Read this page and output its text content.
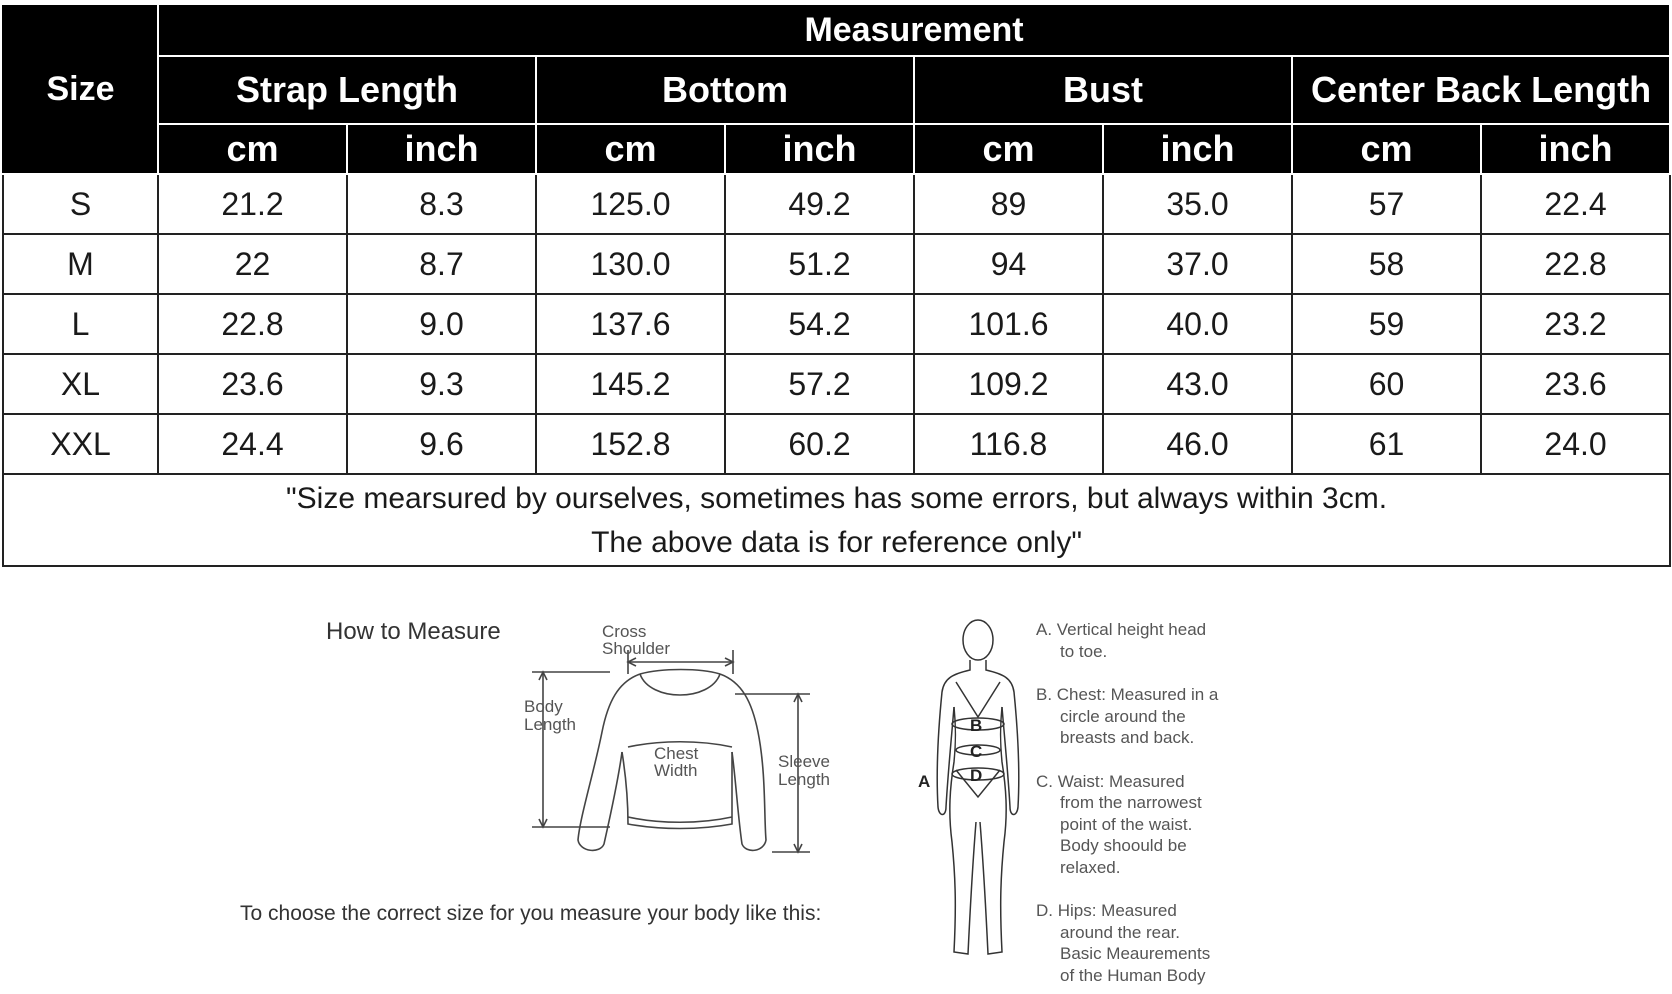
Size	Measurement							
	Strap Length		Bottom		Bust		Center Back Length	
	cm	inch	cm	inch	cm	inch	cm	inch
S	21.2	8.3	125.0	49.2	89	35.0	57	22.4
M	22	8.7	130.0	51.2	94	37.0	58	22.8
L	22.8	9.0	137.6	54.2	101.6	40.0	59	23.2
XL	23.6	9.3	145.2	57.2	109.2	43.0	60	23.6
XXL	24.4	9.6	152.8	60.2	116.8	46.0	61	24.0

"Size mearsured by ourselves, sometimes has some errors, but always within 3cm.
The above data is for reference only"								
How to Measure	Cross
Shoulder
Body
Length
Chest
Width	Sleeve
Length
To choose the correct size for you measure your body like this:
B
C
D
A

A. Vertical height head

to toe.

B. Chest: Measured in a

circle around the
breasts and back.

C. Waist: Measured

from the narrowest
point of the waist.
Body shoould be
relaxed.

D. Hips: Measured

around the rear.
Basic Meaurements
of the Human Body
